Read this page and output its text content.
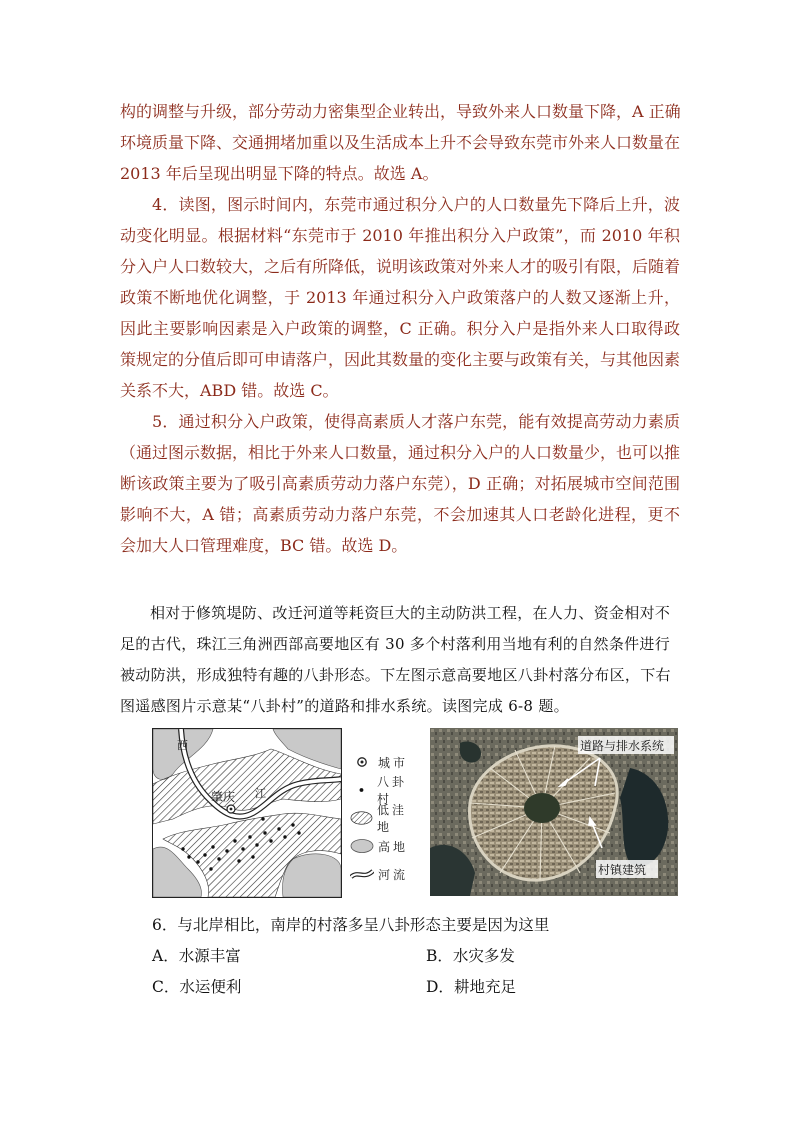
构的调整与升级，部分劳动力密集型企业转出，导致外来人口数量下降，A 正确

环境质量下降、交通拥堵加重以及生活成本上升不会导致东莞市外来人口数量在

2013 年后呈现出明显下降的特点。故选 A。

4．读图，图示时间内，东莞市通过积分入户的人口数量先下降后上升，波动变化明显。根据材料“东莞市于 2010 年推出积分入户政策”，而 2010 年积分入户人口数较大，之后有所降低，说明该政策对外来人才的吸引有限，后随着政策不断地优化调整，于 2013 年通过积分入户政策落户的人数又逐渐上升，因此主要影响因素是入户政策的调整，C 正确。积分入户是指外来人口取得政策规定的分值后即可申请落户，因此其数量的变化主要与政策有关，与其他因素关系不大，ABD 错。故选 C。

5．通过积分入户政策，使得高素质人才落户东莞，能有效提高劳动力素质（通过图示数据，相比于外来人口数量，通过积分入户的人口数量少，也可以推断该政策主要为了吸引高素质劳动力落户东莞），D 正确；对拓展城市空间范围影响不大，A 错；高素质劳动力落户东莞，不会加速其人口老龄化进程，更不会加大人口管理难度，BC 错。故选 D。

相对于修筑堤防、改迁河道等耗资巨大的主动防洪工程，在人力、资金相对不足的古代，珠江三角洲西部高要地区有 30 多个村落利用当地有利的自然条件进行被动防洪，形成独特有趣的八卦形态。下左图示意高要地区八卦村落分布区，下右图遥感图片示意某“八卦村”的道路和排水系统。读图完成 6-8 题。

西
江
肇庆
城市
八卦村
低洼地
高地
河流
道路与排水系统
村镇建筑
6．与北岸相比，南岸的村落多呈八卦形态主要是因为这里
A．水源丰富	B．水灾多发
C．水运便利	D．耕地充足
